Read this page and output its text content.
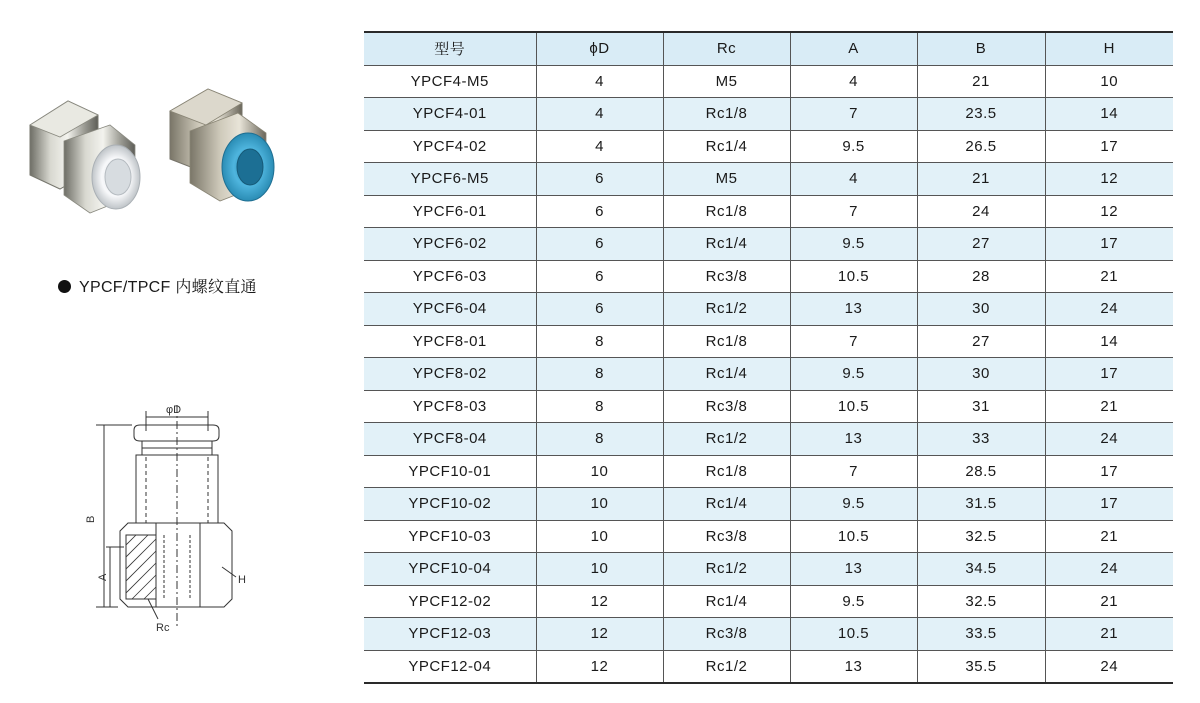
YPCF/TPCF 内螺纹直通
φD
B
A	H
Rc
型号	ϕD	Rc	A	B	H
YPCF4-M5	4	M5	4	21	10
YPCF4-01	4	Rc1/8	7	23.5	14
YPCF4-02	4	Rc1/4	9.5	26.5	17
YPCF6-M5	6	M5	4	21	12
YPCF6-01	6	Rc1/8	7	24	12
YPCF6-02	6	Rc1/4	9.5	27	17
YPCF6-03	6	Rc3/8	10.5	28	21
YPCF6-04	6	Rc1/2	13	30	24
YPCF8-01	8	Rc1/8	7	27	14
YPCF8-02	8	Rc1/4	9.5	30	17
YPCF8-03	8	Rc3/8	10.5	31	21
YPCF8-04	8	Rc1/2	13	33	24
YPCF10-01	10	Rc1/8	7	28.5	17
YPCF10-02	10	Rc1/4	9.5	31.5	17
YPCF10-03	10	Rc3/8	10.5	32.5	21
YPCF10-04	10	Rc1/2	13	34.5	24
YPCF12-02	12	Rc1/4	9.5	32.5	21
YPCF12-03	12	Rc3/8	10.5	33.5	21
YPCF12-04	12	Rc1/2	13	35.5	24
